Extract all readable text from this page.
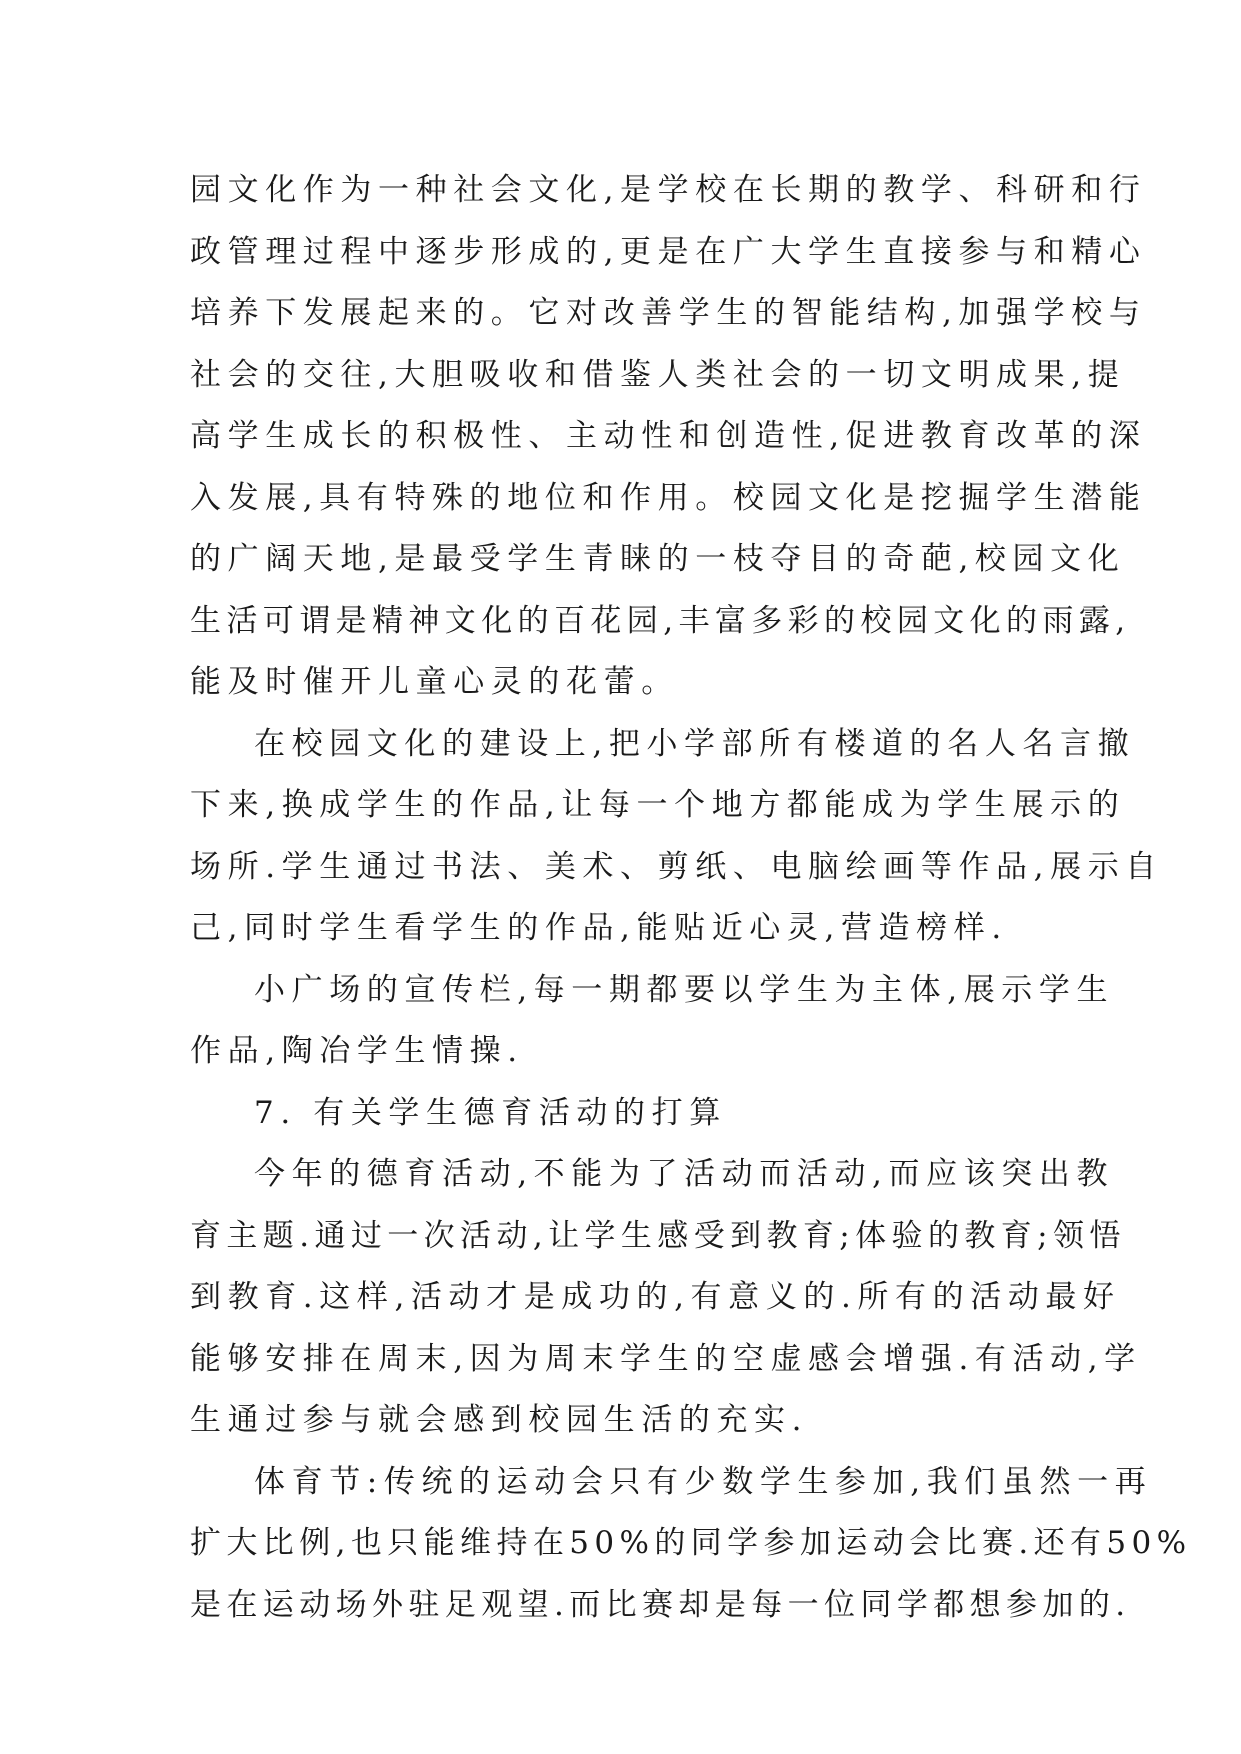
园文化作为一种社会文化,是学校在长期的教学、科研和行
政管理过程中逐步形成的,更是在广大学生直接参与和精心
培养下发展起来的。它对改善学生的智能结构,加强学校与
社会的交往,大胆吸收和借鉴人类社会的一切文明成果,提
高学生成长的积极性、主动性和创造性,促进教育改革的深
入发展,具有特殊的地位和作用。校园文化是挖掘学生潜能
的广阔天地,是最受学生青睐的一枝夺目的奇葩,校园文化
生活可谓是精神文化的百花园,丰富多彩的校园文化的雨露,
能及时催开儿童心灵的花蕾。
在校园文化的建设上,把小学部所有楼道的名人名言撤
下来,换成学生的作品,让每一个地方都能成为学生展示的
场所.学生通过书法、美术、剪纸、电脑绘画等作品,展示自
己,同时学生看学生的作品,能贴近心灵,营造榜样.
小广场的宣传栏,每一期都要以学生为主体,展示学生
作品,陶冶学生情操.
7. 有关学生德育活动的打算
今年的德育活动,不能为了活动而活动,而应该突出教
育主题.通过一次活动,让学生感受到教育;体验的教育;领悟
到教育.这样,活动才是成功的,有意义的.所有的活动最好
能够安排在周末,因为周末学生的空虚感会增强.有活动,学
生通过参与就会感到校园生活的充实.
体育节:传统的运动会只有少数学生参加,我们虽然一再
扩大比例,也只能维持在50%的同学参加运动会比赛.还有50%
是在运动场外驻足观望.而比赛却是每一位同学都想参加的.
